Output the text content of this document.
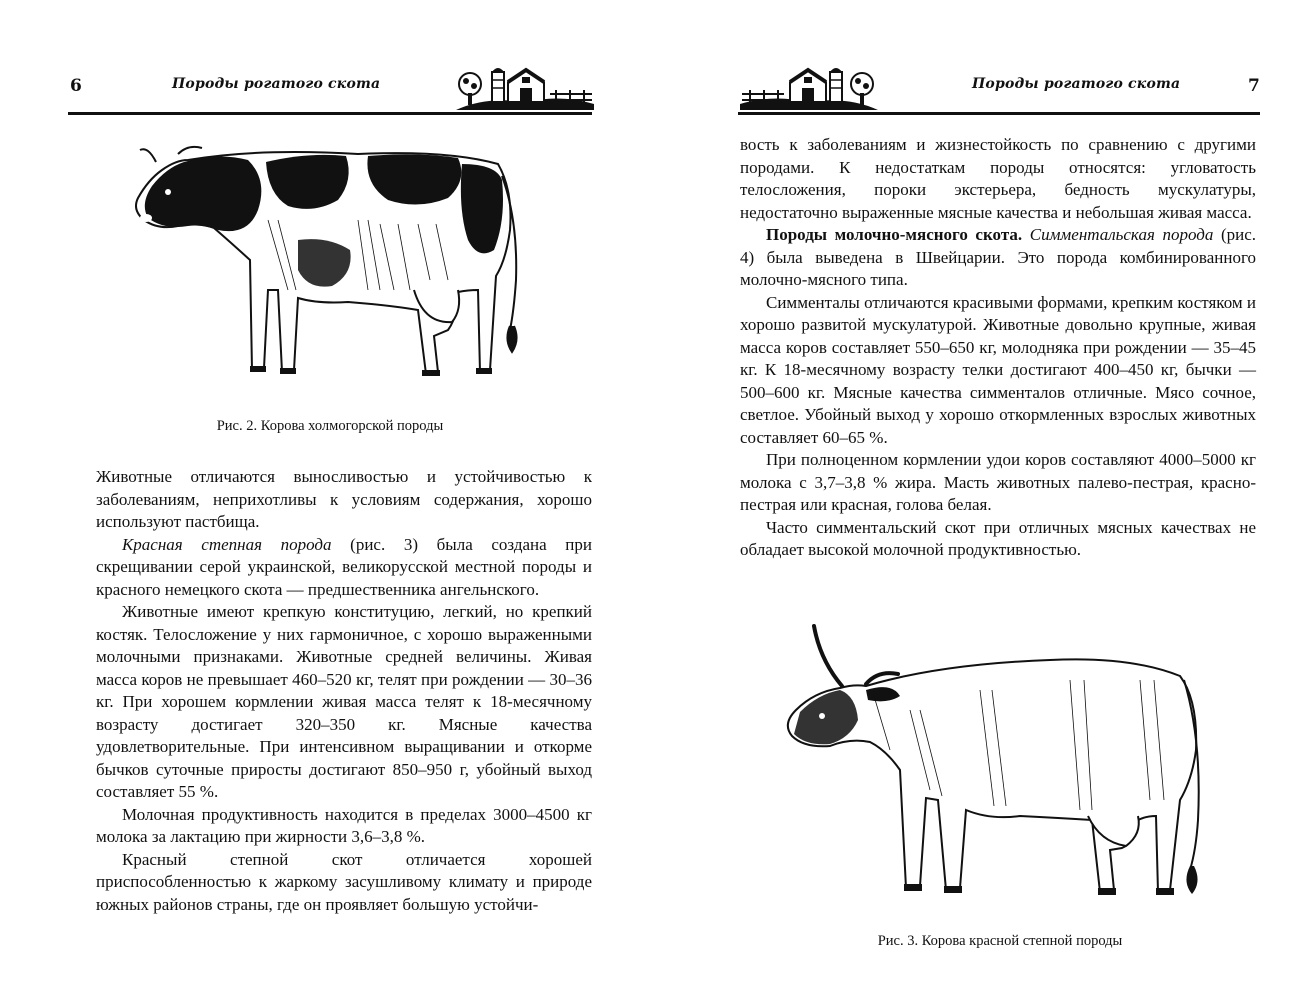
6	Породы рогатого скота
Рис. 2. Корова холмогорской породы

Животные отличаются выносливостью и устойчивостью к заболеваниям, неприхотливы к условиям содержания, хорошо используют пастбища.

Красная степная порода (рис. 3) была создана при скрещивании серой украинской, великорусской местной породы и красного немецкого скота — предшественника ангельнского.

Животные имеют крепкую конституцию, легкий, но крепкий костяк. Телосложение у них гармоничное, с хорошо выраженными молочными признаками. Животные средней величины. Живая масса коров не превышает 460–520 кг, телят при рождении — 30–36 кг. При хорошем кормлении живая масса телят к 18-месячному возрасту достигает 320–350 кг. Мясные качества удовлетворительные. При интенсивном выращивании и откорме бычков суточные приросты достигают 850–950 г, убойный выход составляет 55 %.

Молочная продуктивность находится в пределах 3000–4500 кг молока за лактацию при жирности 3,6–3,8 %.

Красный степной скот отличается хорошей приспособленностью к жаркому засушливому климату и природе южных районов страны, где он проявляет большую устойчи-

Породы рогатого скота	7

вость к заболеваниям и жизнестойкость по сравнению с другими породами. К недостаткам породы относятся: угловатость телосложения, пороки экстерьера, бедность мускулатуры, недостаточно выраженные мясные качества и небольшая живая масса.

Породы молочно-мясного скота. Симментальская порода (рис. 4) была выведена в Швейцарии. Это порода комбинированного молочно-мясного типа.

Симменталы отличаются красивыми формами, крепким костяком и хорошо развитой мускулатурой. Животные довольно крупные, живая масса коров составляет 550–650 кг, молодняка при рождении — 35–45 кг. К 18-месячному возрасту телки достигают 400–450 кг, бычки — 500–600 кг. Мясные качества симменталов отличные. Мясо сочное, светлое. Убойный выход у хорошо откормленных взрослых животных составляет 60–65 %.

При полноценном кормлении удои коров составляют 4000–5000 кг молока с 3,7–3,8 % жира. Масть животных палево-пестрая, красно-пестрая или красная, голова белая.

Часто симментальский скот при отличных мясных качествах не обладает высокой молочной продуктивностью.

Рис. 3. Корова красной степной породы
